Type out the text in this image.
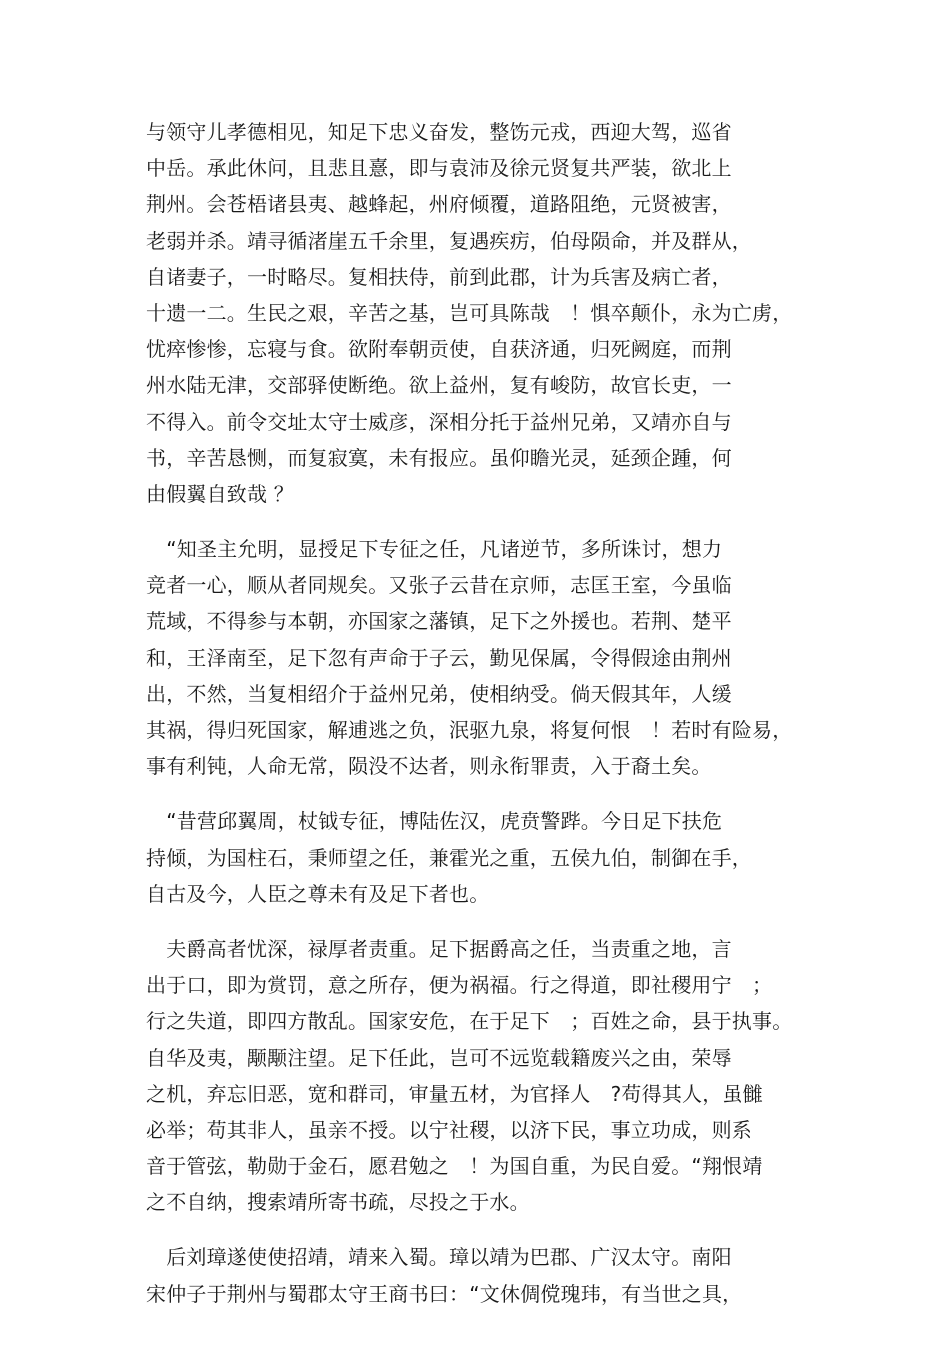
与领守儿孝德相见，知足下忠义奋发，整饬元戎，西迎大驾，巡省
中岳。承此休问，且悲且憙，即与袁沛及徐元贤复共严装，欲北上
荆州。会苍梧诸县夷、越蜂起，州府倾覆，道路阻绝，元贤被害，
老弱并杀。靖寻循渚崖五千余里，复遇疾疠，伯母陨命，并及群从，
自诸妻子，一时略尽。复相扶侍，前到此郡，计为兵害及病亡者，
十遗一二。生民之艰，辛苦之基，岂可具陈哉　！惧卒颠仆，永为亡虏，
忧瘁惨惨，忘寝与食。欲附奉朝贡使，自获济通，归死阙庭，而荆
州水陆无津，交部驿使断绝。欲上益州，复有峻防，故官长吏，一
不得入。前令交址太守士威彦，深相分托于益州兄弟，又靖亦自与
书，辛苦恳恻，而复寂寞，未有报应。虽仰瞻光灵，延颈企踵，何
由假翼自致哉 ？
　“知圣主允明，显授足下专征之任，凡诸逆节，多所诛讨，想力
竞者一心，顺从者同规矣。又张子云昔在京师，志匡王室，今虽临
荒域，不得参与本朝，亦国家之藩镇，足下之外援也。若荆、楚平
和，王泽南至，足下忽有声命于子云，勤见保属，令得假途由荆州
出，不然，当复相绍介于益州兄弟，使相纳受。倘天假其年，人缓
其祸，得归死国家，解逋逃之负，泯驱九泉，将复何恨　！若时有险易，
事有利钝，人命无常，陨没不达者，则永衔罪责，入于裔土矣。
　“昔营邱翼周，杖钺专征，博陆佐汉，虎贲警跸。今日足下扶危
持倾，为国柱石，秉师望之任，兼霍光之重，五侯九伯，制御在手，
自古及今，人臣之尊未有及足下者也。
　夫爵高者忧深，禄厚者责重。足下据爵高之任，当责重之地，言
出于口，即为赏罚，意之所存，便为祸福。行之得道，即社稷用宁　；
行之失道，即四方散乱。国家安危，在于足下　；百姓之命，县于执事。
自华及夷，颙颙注望。足下任此，岂可不远览载籍废兴之由，荣辱
之机，弃忘旧恶，宽和群司，审量五材，为官择人　?苟得其人，虽雠
必举；苟其非人，虽亲不授。以宁社稷，以济下民，事立功成，则系
音于管弦，勒勋于金石，愿君勉之　！为国自重，为民自爱。“翔恨靖
之不自纳，搜索靖所寄书疏，尽投之于水。
　后刘璋遂使使招靖，靖来入蜀。璋以靖为巴郡、广汉太守。南阳
宋仲子于荆州与蜀郡太守王商书曰：“文休倜傥瑰玮，有当世之具，
